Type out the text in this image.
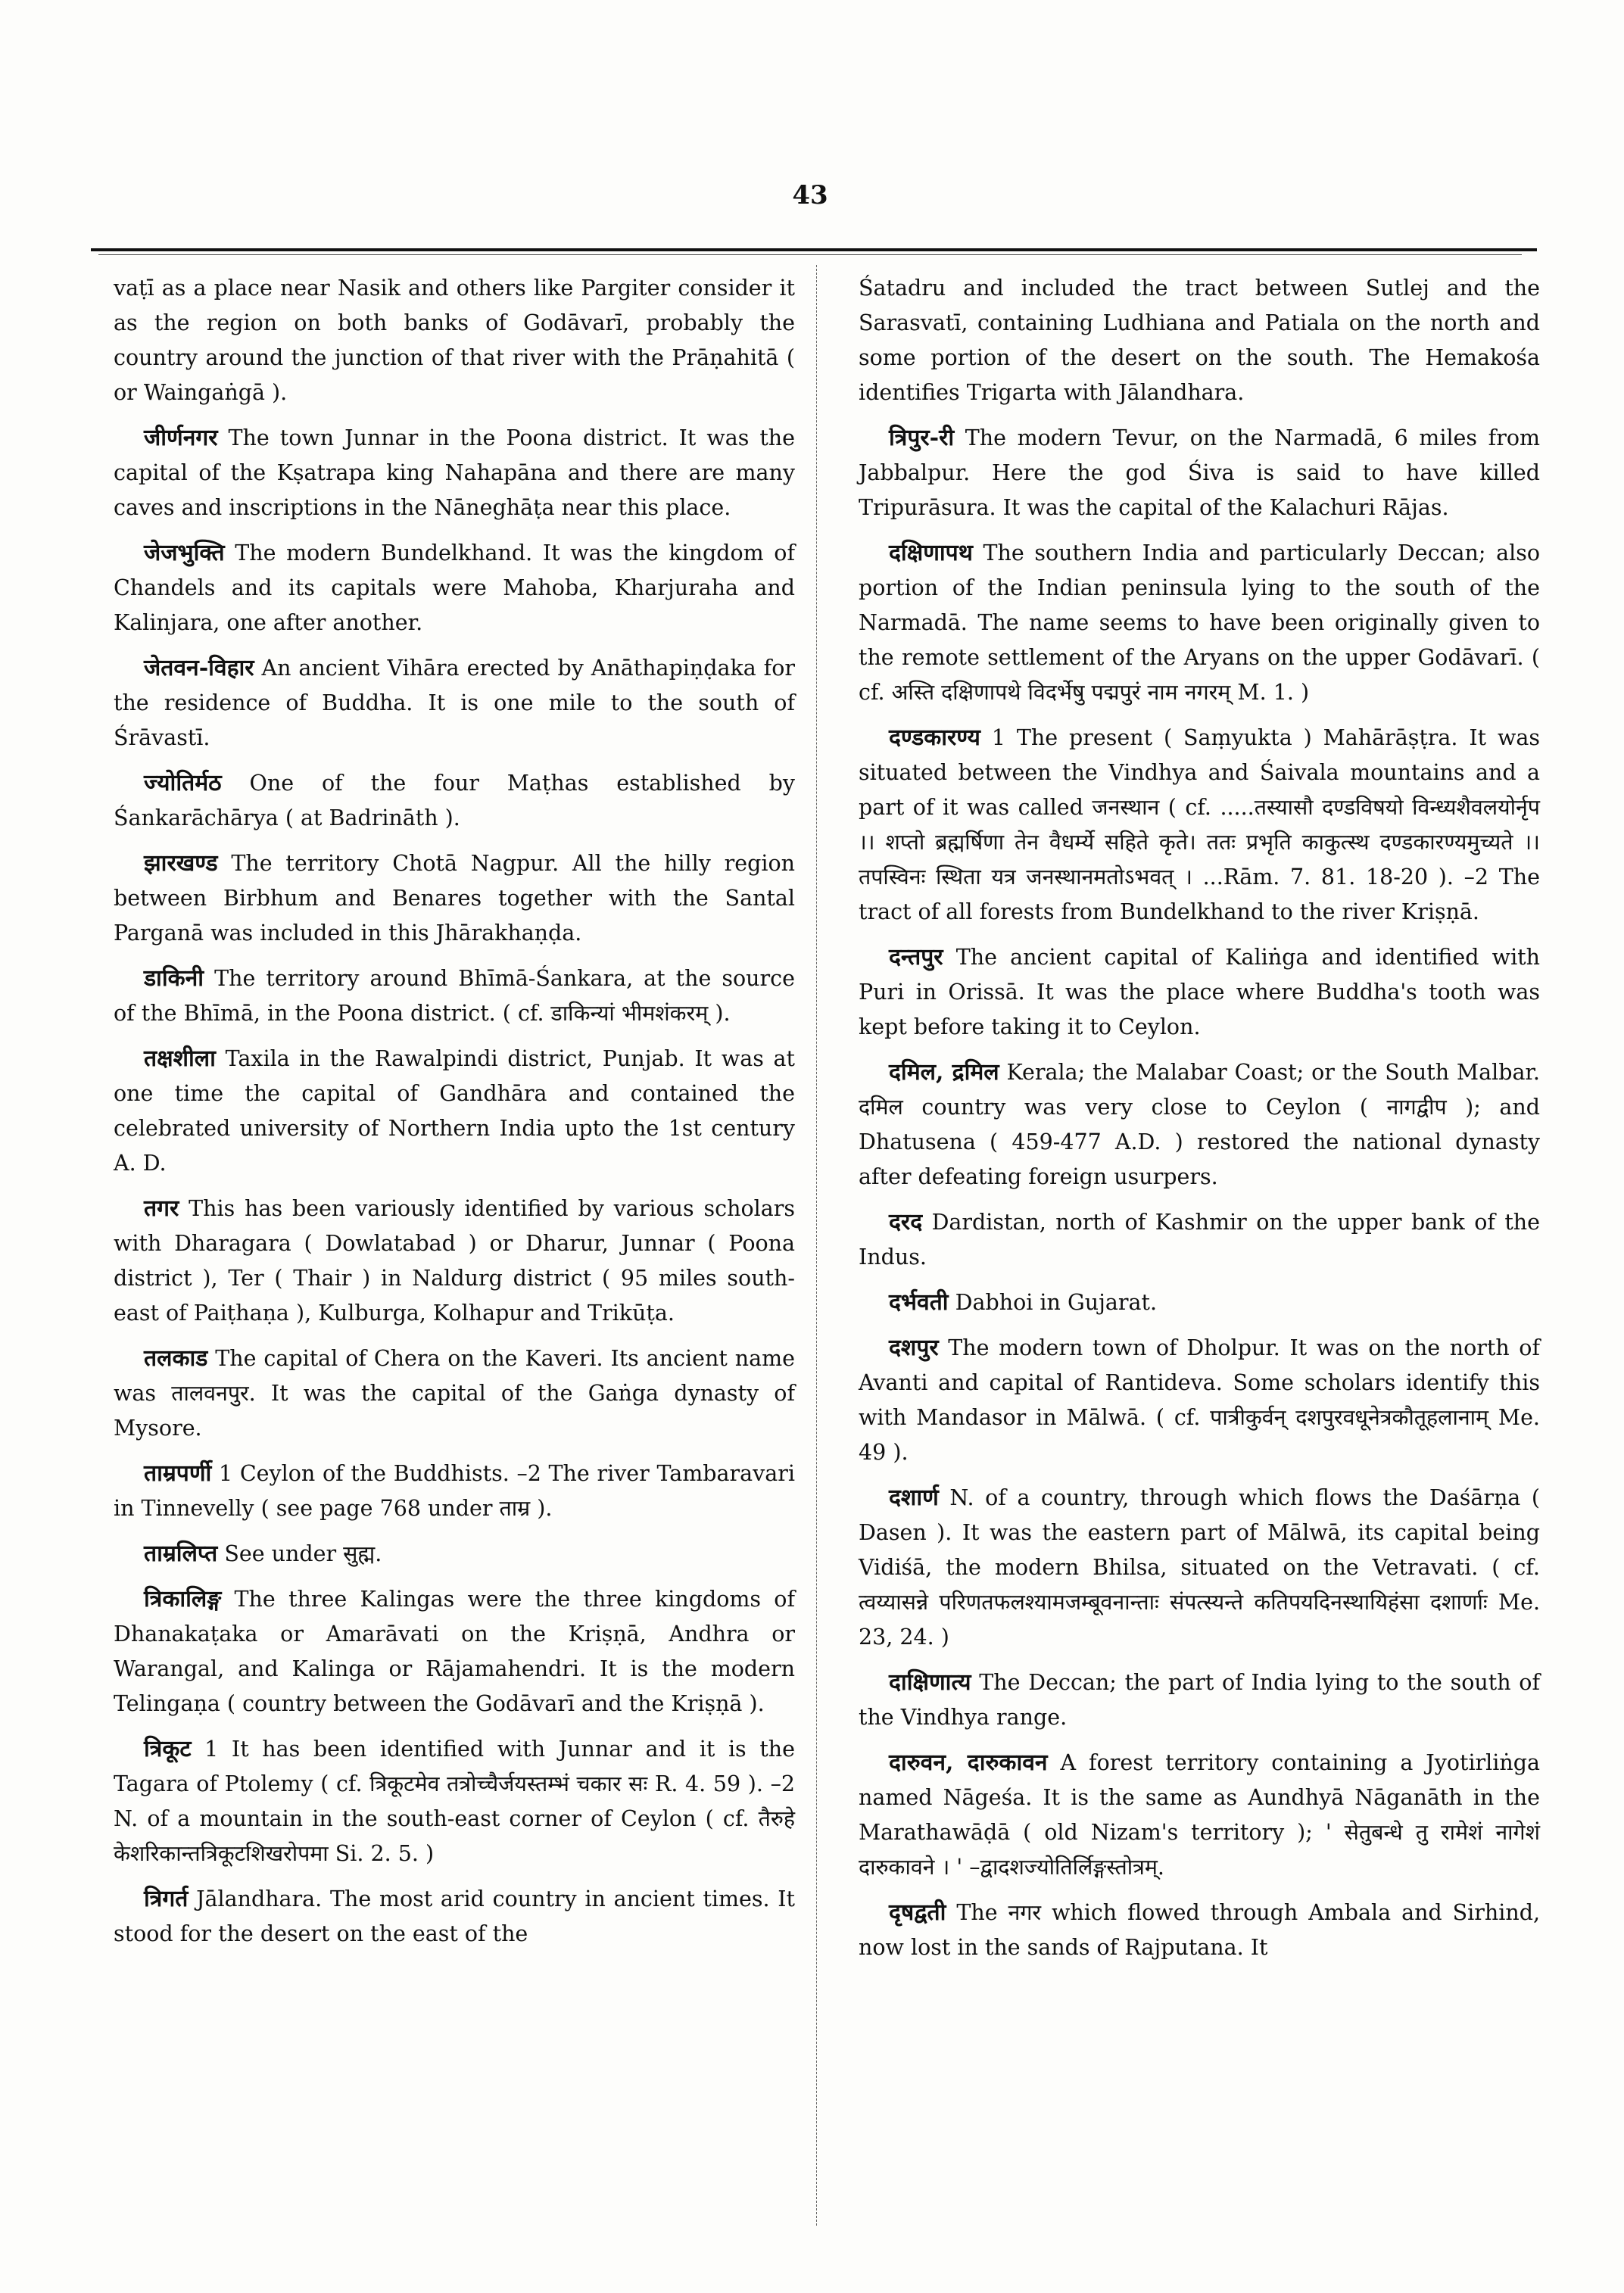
43

vaṭī as a place near Nasik and others like Pargiter consider it as the region on both banks of Godāvarī, probably the country around the junction of that river with the Prāṇahitā ( or Waingaṅgā ).

जीर्णनगर The town Junnar in the Poona district. It was the capital of the Kṣatrapa king Nahapāna and there are many caves and inscriptions in the Nāneghāṭa near this place.

जेजभुक्ति The modern Bundelkhand. It was the kingdom of Chandels and its capitals were Mahoba, Kharjuraha and Kalinjara, one after another.

जेतवन-विहार An ancient Vihāra erected by Anāthapiṇḍaka for the residence of Buddha. It is one mile to the south of Śrāvastī.

ज्योतिर्मठ One of the four Maṭhas established by Śankarāchārya ( at Badrināth ).

झारखण्ड The territory Chotā Nagpur. All the hilly region between Birbhum and Benares together with the Santal Parganā was included in this Jhārakhaṇḍa.

डाकिनी The territory around Bhīmā-Śankara, at the source of the Bhīmā, in the Poona district. ( cf. डाकिन्यां भीमशंकरम् ).

तक्षशीला Taxila in the Rawalpindi district, Punjab. It was at one time the capital of Gandhāra and contained the celebrated university of Northern India upto the 1st century A. D.

तगर This has been variously identified by various scholars with Dharagara ( Dowlatabad ) or Dharur, Junnar ( Poona district ), Ter ( Thair ) in Naldurg district ( 95 miles south-east of Paiṭhaṇa ), Kulburga, Kolhapur and Trikūṭa.

तलकाड The capital of Chera on the Kaveri. Its ancient name was तालवनपुर. It was the capital of the Gaṅga dynasty of Mysore.

ताम्रपर्णी 1 Ceylon of the Buddhists. –2 The river Tambaravari in Tinnevelly ( see page 768 under ताम्र ).

ताम्रलिप्त See under सुह्म.

त्रिकालिङ्ग The three Kalingas were the three kingdoms of Dhanakaṭaka or Amarāvati on the Kriṣṇā, Andhra or Warangal, and Kalinga or Rājamahendri. It is the modern Telingaṇa ( country between the Godāvarī and the Kriṣṇā ).

त्रिकूट 1 It has been identified with Junnar and it is the Tagara of Ptolemy ( cf. त्रिकूटमेव तत्रोच्चैर्जयस्तम्भं चकार सः R. 4. 59 ). –2 N. of a mountain in the south-east corner of Ceylon ( cf. तैरुहे केशरिकान्तत्रिकूटशिखरोपमा Si. 2. 5. )

त्रिगर्त Jālandhara. The most arid country in ancient times. It stood for the desert on the east of the

Śatadru and included the tract between Sutlej and the Sarasvatī, containing Ludhiana and Patiala on the north and some portion of the desert on the south. The Hemakośa identifies Trigarta with Jālandhara.

त्रिपुर-री The modern Tevur, on the Narmadā, 6 miles from Jabbalpur. Here the god Śiva is said to have killed Tripurāsura. It was the capital of the Kalachuri Rājas.

दक्षिणापथ The southern India and particularly Deccan; also portion of the Indian peninsula lying to the south of the Narmadā. The name seems to have been originally given to the remote settlement of the Aryans on the upper Godāvarī. ( cf. अस्ति दक्षिणापथे विदर्भेषु पद्मपुरं नाम नगरम् M. 1. )

दण्डकारण्य 1 The present ( Saṃyukta ) Mahārāṣṭra. It was situated between the Vindhya and Śaivala mountains and a part of it was called जनस्थान ( cf. .....तस्यासौ दण्डविषयो विन्ध्यशैवलयोर्नृप ।। शप्तो ब्रह्मर्षिणा तेन वैधर्म्ये सहिते कृते। ततः प्रभृति काकुत्स्थ दण्डकारण्यमुच्यते ।। तपस्विनः स्थिता यत्र जनस्थानमतोऽभवत् । ...Rām. 7. 81. 18-20 ). –2 The tract of all forests from Bundelkhand to the river Kriṣṇā.

दन्तपुर The ancient capital of Kaliṅga and identified with Puri in Orissā. It was the place where Buddha's tooth was kept before taking it to Ceylon.

दमिल, द्रमिल Kerala; the Malabar Coast; or the South Malbar. दमिल country was very close to Ceylon ( नागद्वीप ); and Dhatusena ( 459-477 A.D. ) restored the national dynasty after defeating foreign usurpers.

दरद Dardistan, north of Kashmir on the upper bank of the Indus.

दर्भवती Dabhoi in Gujarat.

दशपुर The modern town of Dholpur. It was on the north of Avanti and capital of Rantideva. Some scholars identify this with Mandasor in Mālwā. ( cf. पात्रीकुर्वन् दशपुरवधूनेत्रकौतूहलानाम् Me. 49 ).

दशार्ण N. of a country, through which flows the Daśārṇa ( Dasen ). It was the eastern part of Mālwā, its capital being Vidiśā, the modern Bhilsa, situated on the Vetravati. ( cf. त्वय्यासन्ने परिणतफलश्यामजम्बूवनान्ताः संपत्स्यन्ते कतिपयदिनस्थायिहंसा दशार्णाः Me. 23, 24. )

दाक्षिणात्य The Deccan; the part of India lying to the south of the Vindhya range.

दारुवन, दारुकावन A forest territory containing a Jyotirliṅga named Nāgeśa. It is the same as Aundhyā Nāganāth in the Marathawāḍā ( old Nizam's territory ); ' सेतुबन्धे तु रामेशं नागेशं दारुकावने । ' –द्वादशज्योतिर्लिङ्गस्तोत्रम्.

दृषद्वती The नगर which flowed through Ambala and Sirhind, now lost in the sands of Rajputana. It
